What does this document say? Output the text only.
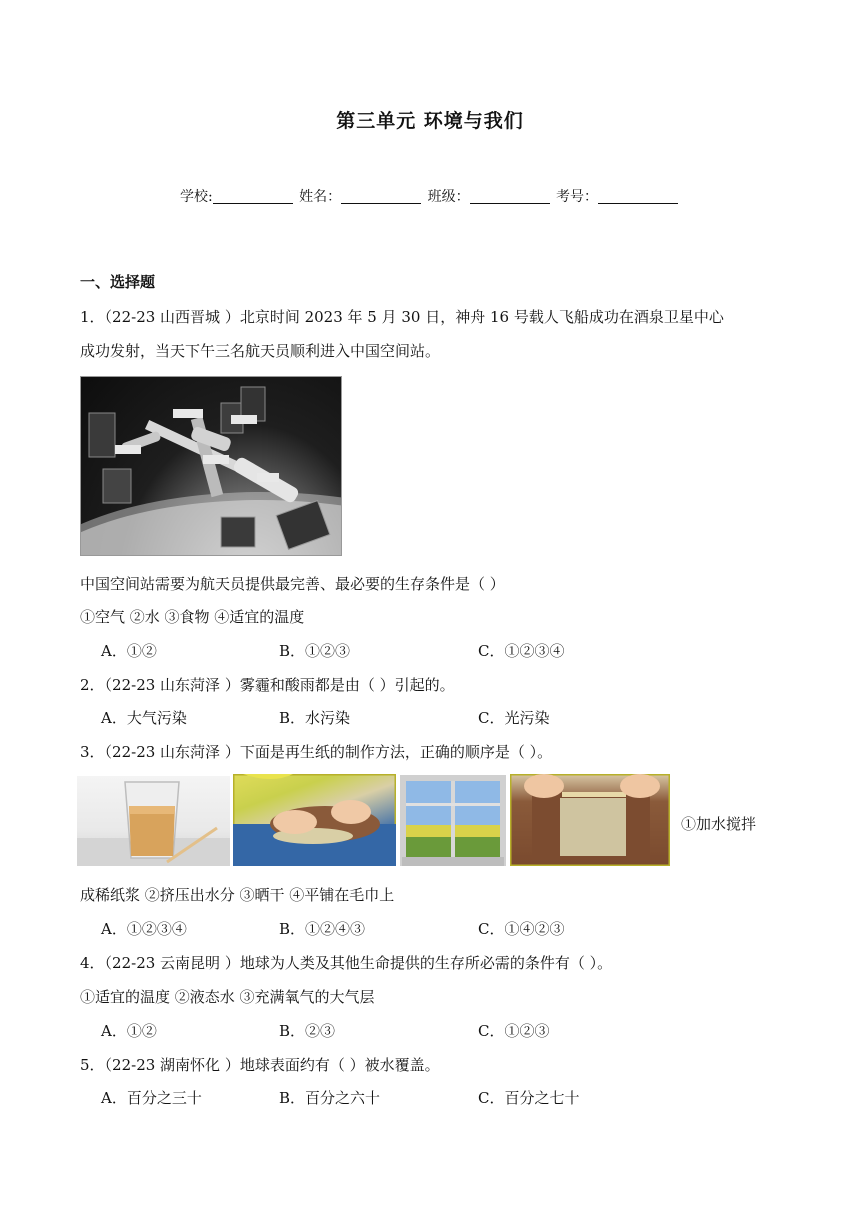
第三单元 环境与我们
学校:	姓名：	班级：	考号：
一、选择题
1．（22-23 山西晋城 ）北京时间 2023 年 5 月 30 日，神舟 16 号载人飞船成功在酒泉卫星中心
成功发射，当天下午三名航天员顺利进入中国空间站。
中国空间站需要为航天员提供最完善、最必要的生存条件是（ ）
①空气 ②水 ③食物 ④适宜的温度
A．①②	B．①②③	C．①②③④
2．（22-23 山东菏泽 ）雾霾和酸雨都是由（ ）引起的。
A．大气污染	B．水污染	C．光污染
3．（22-23 山东菏泽 ）下面是再生纸的制作方法，正确的顺序是（ ）。
①加水搅拌
成稀纸浆 ②挤压出水分 ③晒干 ④平铺在毛巾上
A．①②③④	B．①②④③	C．①④②③
4．（22-23 云南昆明 ）地球为人类及其他生命提供的生存所必需的条件有（ ）。
①适宜的温度 ②液态水 ③充满氧气的大气层
A．①②	B．②③	C．①②③
5．（22-23 湖南怀化 ）地球表面约有（ ）被水覆盖。
A．百分之三十	B．百分之六十	C．百分之七十
